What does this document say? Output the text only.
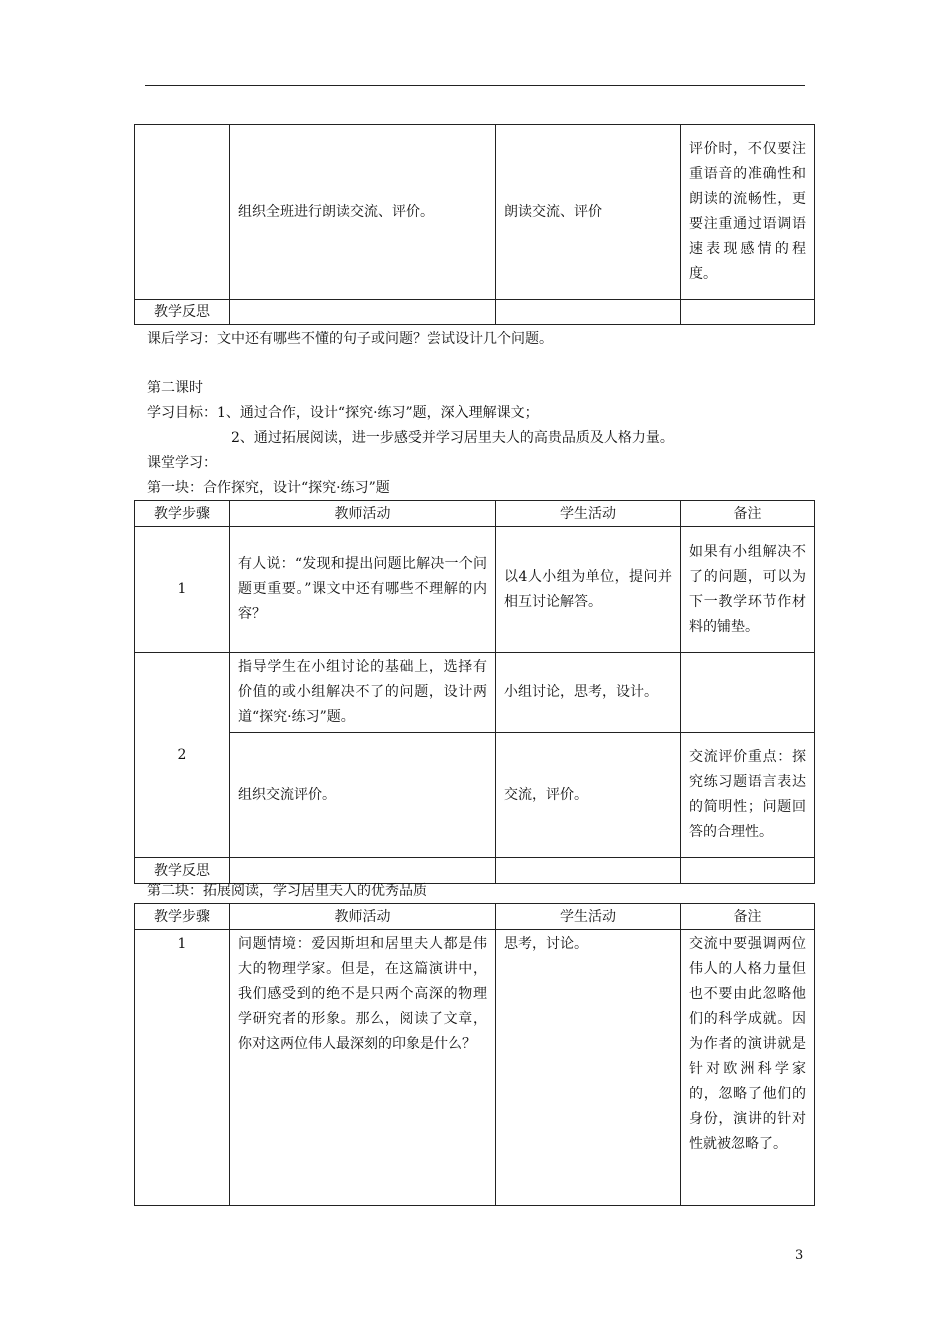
	组织全班进行朗读交流、评价。	朗读交流、评价	评价时，不仅要注重语音的准确性和朗读的流畅性，更要注重通过语调语速表现感情的程度。
教学反思			
课后学习：文中还有哪些不懂的句子或问题？尝试设计几个问题。
第二课时
学习目标：1、通过合作，设计“探究·练习”题，深入理解课文；
2、通过拓展阅读，进一步感受并学习居里夫人的高贵品质及人格力量。
课堂学习：
第一块：合作探究，设计“探究·练习”题
教学步骤	教师活动	学生活动	备注
1	有人说：“发现和提出问题比解决一个问题更重要。”课文中还有哪些不理解的内容？	以4人小组为单位，提问并相互讨论解答。	如果有小组解决不了的问题，可以为下一教学环节作材料的铺垫。
2	指导学生在小组讨论的基础上，选择有价值的或小组解决不了的问题，设计两道“探究·练习”题。	小组讨论，思考，设计。	
	组织交流评价。	交流，评价。	交流评价重点：探究练习题语言表达的简明性；问题回答的合理性。
教学反思			
第二块：拓展阅读，学习居里夫人的优秀品质
教学步骤	教师活动	学生活动	备注
1	问题情境：爱因斯坦和居里夫人都是伟大的物理学家。但是，在这篇演讲中，我们感受到的绝不是只两个高深的物理学研究者的形象。那么，阅读了文章，你对这两位伟人最深刻的印象是什么？	思考，讨论。	交流中要强调两位伟人的人格力量但也不要由此忽略他们的科学成就。因为作者的演讲就是针对欧洲科学家的，忽略了他们的身份，演讲的针对性就被忽略了。
3
